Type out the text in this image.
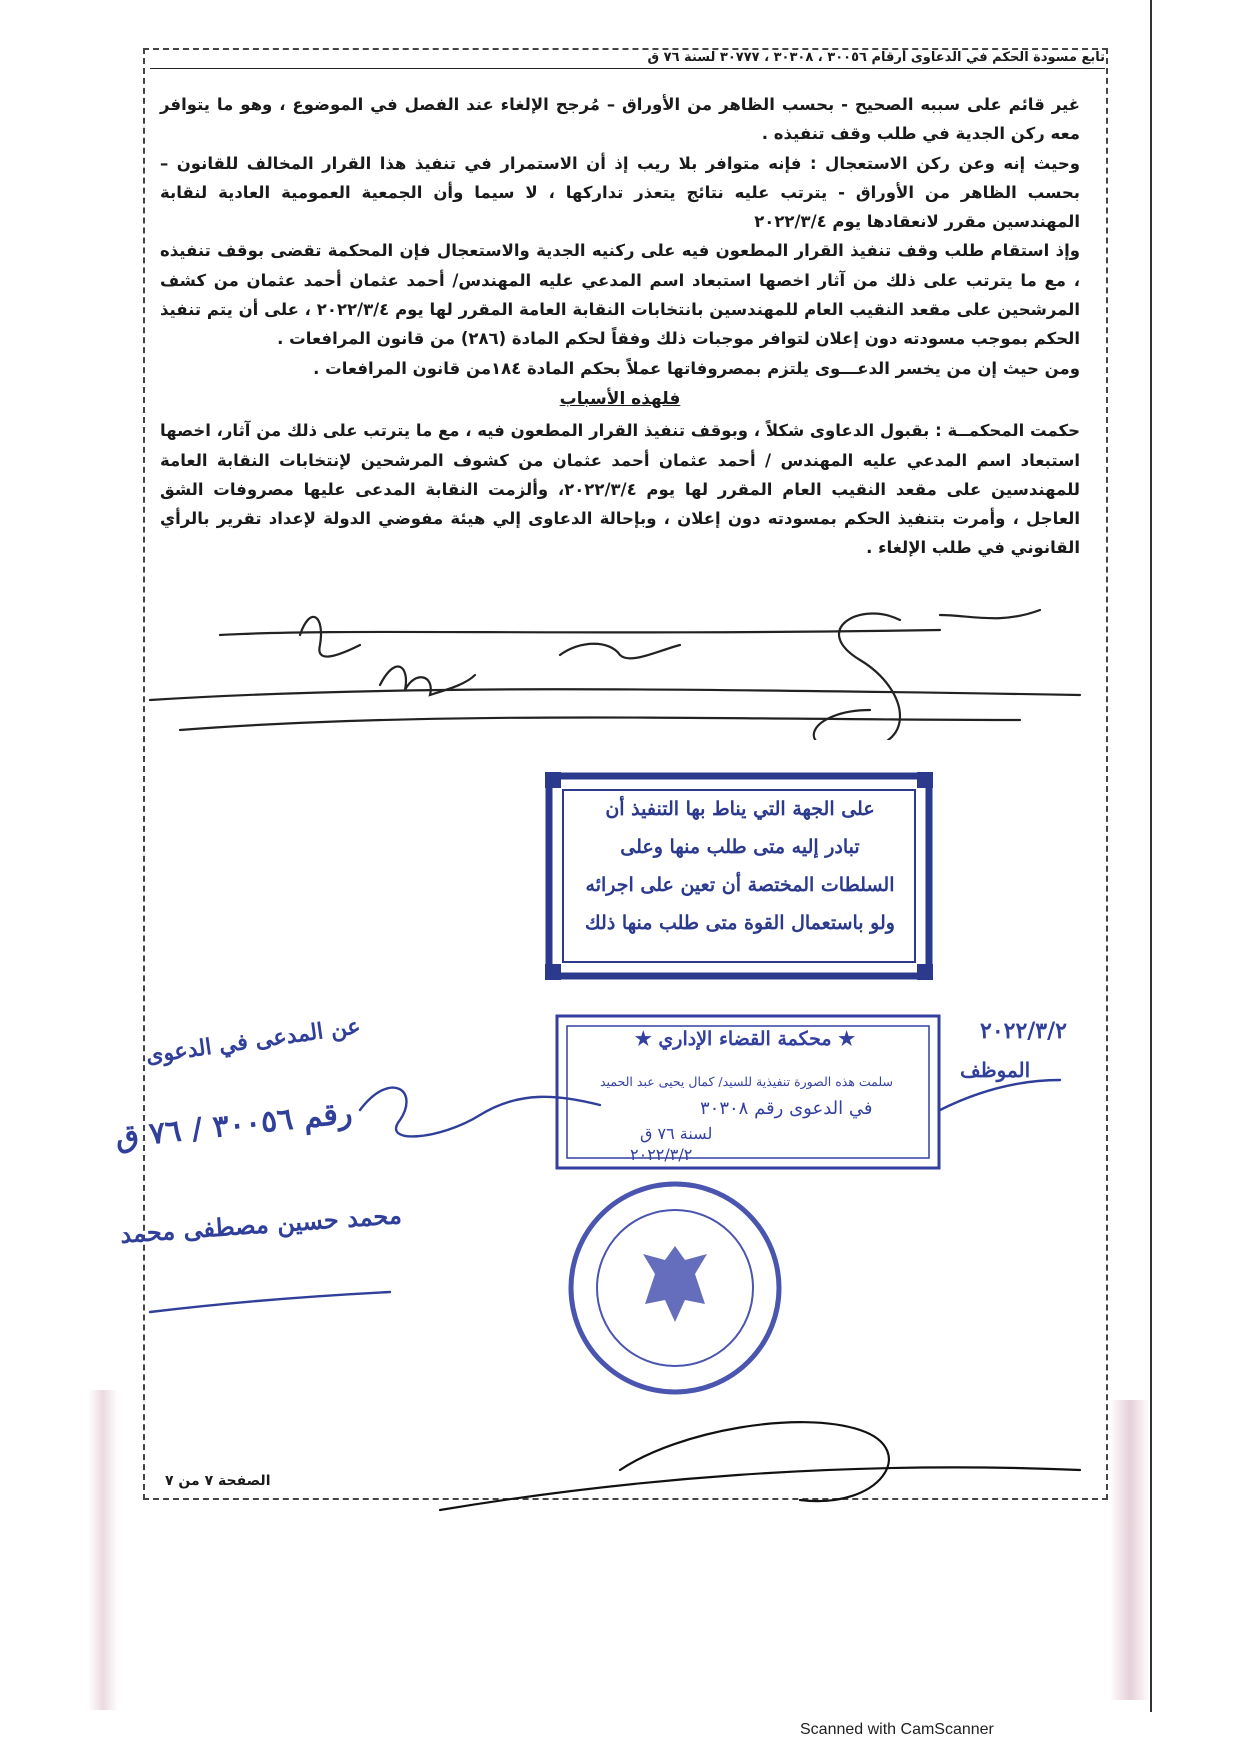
تابع مسودة الحكم في الدعاوى أرقام ٣٠٠٥٦ ، ٣٠٣٠٨ ، ٣٠٧٧٧ لسنة ٧٦ ق

غير قائم على سببه الصحيح - بحسب الظاهر من الأوراق – مُرجح الإلغاء عند الفصل في الموضوع ، وهو ما يتوافر معه ركن الجدية في طلب وقف تنفيذه .

وحيث إنه وعن ركن الاستعجال : فإنه متوافر بلا ريب إذ أن الاستمرار في تنفيذ هذا القرار المخالف للقانون – بحسب الظاهر من الأوراق - يترتب عليه نتائج يتعذر تداركها ، لا سيما وأن الجمعية العمومية العادية لنقابة المهندسين مقرر لانعقادها يوم ٢٠٢٢/٣/٤

وإذ استقام طلب وقف تنفيذ القرار المطعون فيه على ركنيه الجدية والاستعجال فإن المحكمة تقضى بوقف تنفيذه ، مع ما يترتب على ذلك من آثار اخصها استبعاد اسم المدعي عليه المهندس/ أحمد عثمان أحمد عثمان من كشف المرشحين على مقعد النقيب العام للمهندسين بانتخابات النقابة العامة المقرر لها يوم ٢٠٢٢/٣/٤ ، على أن يتم تنفيذ الحكم بموجب مسودته دون إعلان لتوافر موجبات ذلك وفقاً لحكم المادة (٢٨٦) من قانون المرافعات .

ومن حيث إن من يخسر الدعـــوى يلتزم بمصروفاتها عملاً بحكم المادة ١٨٤من قانون المرافعات .

فلهذه الأسباب

حكمت المحكمــة : بقبول الدعاوى شكلاً ، وبوقف تنفيذ القرار المطعون فيه ، مع ما يترتب على ذلك من آثار، اخصها استبعاد اسم المدعي عليه المهندس / أحمد عثمان أحمد عثمان من كشوف المرشحين لإنتخابات النقابة العامة للمهندسين على مقعد النقيب العام المقرر لها يوم ٢٠٢٢/٣/٤، وألزمت النقابة المدعى عليها مصروفات الشق العاجل ، وأمرت بتنفيذ الحكم بمسودته دون إعلان ، وبإحالة الدعاوى إلي هيئة مفوضي الدولة لإعداد تقرير بالرأي القانوني في طلب الإلغاء .

على الجهة التي يناط بها التنفيذ أن
تبادر إليه متى طلب منها وعلى
السلطات المختصة أن تعين على اجرائه
ولو باستعمال القوة متى طلب منها ذلك
★ محكمة القضاء الإداري ★
سلمت هذه الصورة تنفيذية للسيد/ كمال يحيى عبد الحميد
في الدعوى رقم ٣٠٣٠٨
لسنة ٧٦ ق
٢٠٢٢/٣/٢
عن المدعى في الدعوى
رقم ٣٠٠٥٦ / ٧٦ ق
محمد حسين مصطفى محمد
٢٠٢٢/٣/٢
الموظف
الصفحة ٧ من ٧
Scanned with CamScanner
